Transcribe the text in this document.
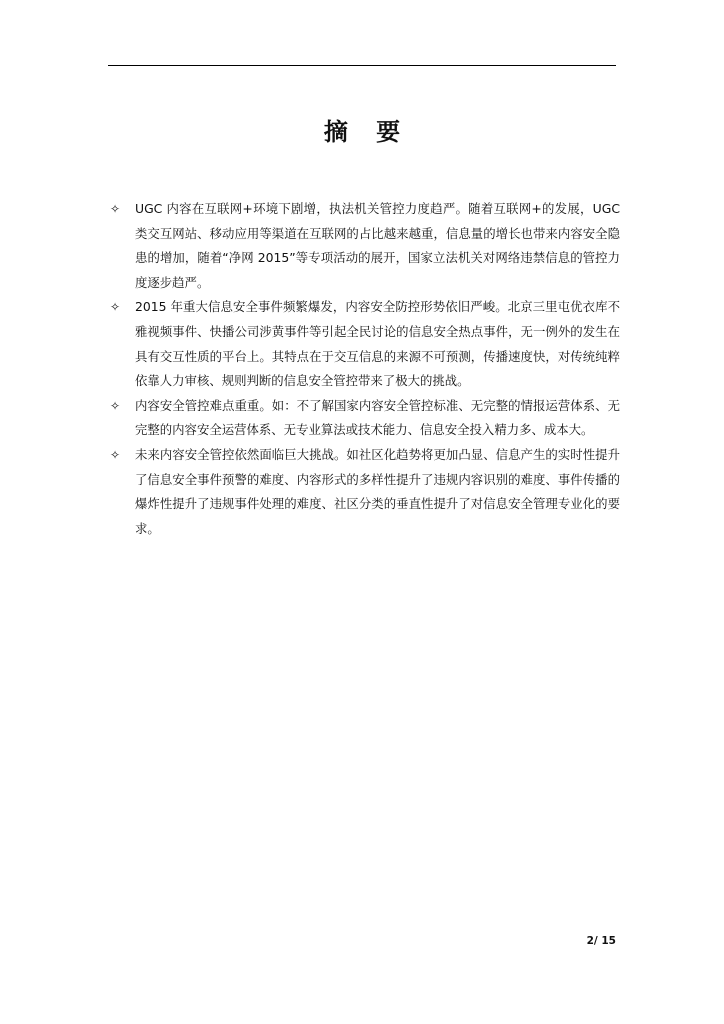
摘 要
✧	UGC 内容在互联网+环境下剧增，执法机关管控力度趋严。随着互联网+的发展，UGC 类交互网站、移动应用等渠道在互联网的占比越来越重，信息量的增长也带来内容安全隐患的增加，随着“净网 2015”等专项活动的展开，国家立法机关对网络违禁信息的管控力度逐步趋严。
✧	2015 年重大信息安全事件频繁爆发，内容安全防控形势依旧严峻。北京三里屯优衣库不雅视频事件、快播公司涉黄事件等引起全民讨论的信息安全热点事件，无一例外的发生在具有交互性质的平台上。其特点在于交互信息的来源不可预测，传播速度快，对传统纯粹依靠人力审核、规则判断的信息安全管控带来了极大的挑战。
✧	内容安全管控难点重重。如：不了解国家内容安全管控标准、无完整的情报运营体系、无完整的内容安全运营体系、无专业算法或技术能力、信息安全投入精力多、成本大。
✧	未来内容安全管控依然面临巨大挑战。如社区化趋势将更加凸显、信息产生的实时性提升了信息安全事件预警的难度、内容形式的多样性提升了违规内容识别的难度、事件传播的爆炸性提升了违规事件处理的难度、社区分类的垂直性提升了对信息安全管理专业化的要求。
2/ 15
